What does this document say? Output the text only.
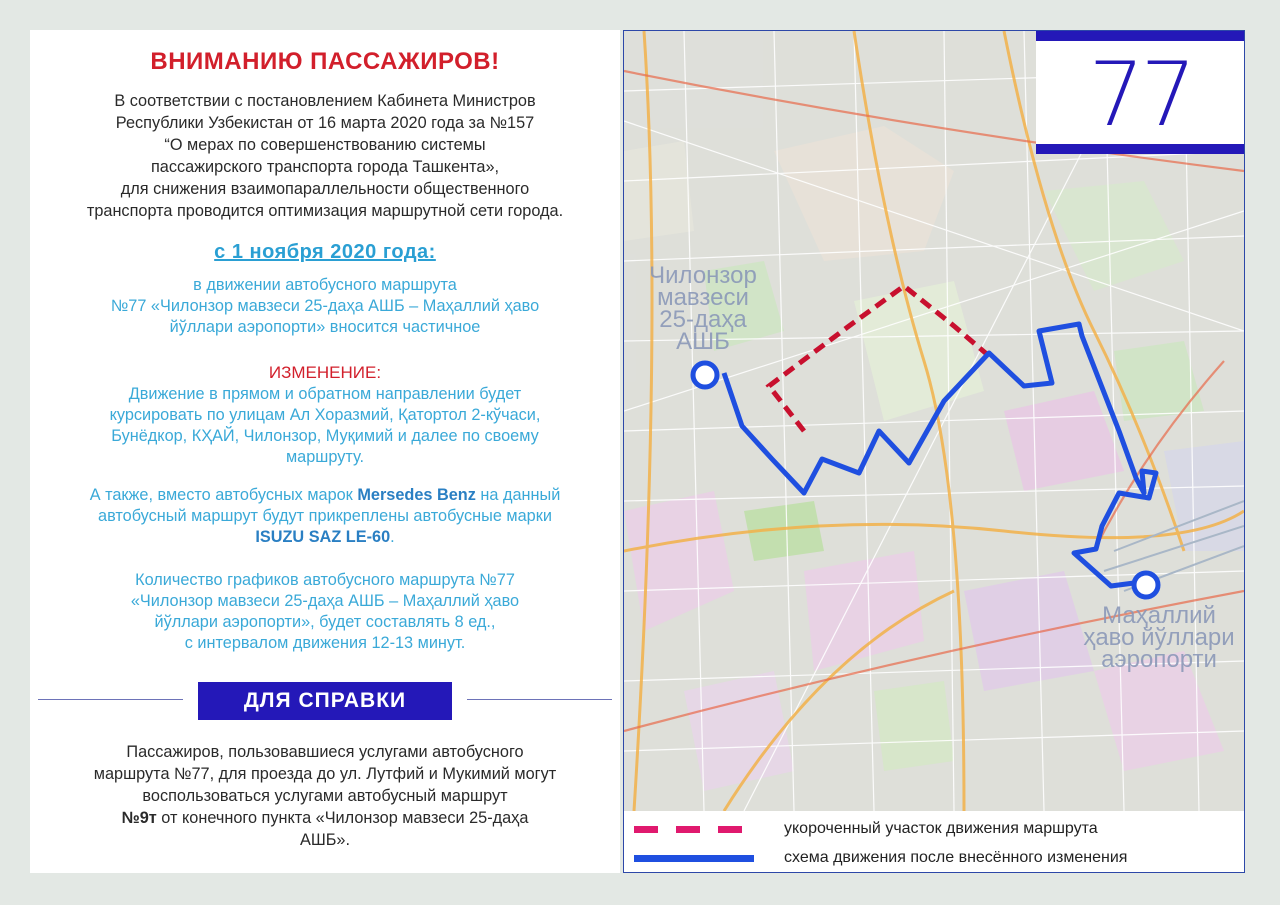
ВНИМАНИЮ ПАССАЖИРОВ!
В соответствии с постановлением Кабинета Министров
Республики Узбекистан от 16 марта 2020 года за №157
“О мерах по совершенствованию системы
пассажирского транспорта города Ташкента»,
для снижения взаимопараллельности общественного
транспорта проводится оптимизация маршрутной сети города.
с 1 ноября 2020 года:
в движении автобусного маршрута
№77 «Чилонзор мавзеси 25-даҳа АШБ – Маҳаллий ҳаво
йўллари аэропорти» вносится частичное
ИЗМЕНЕНИЕ:
Движение в прямом и обратном направлении будет
курсировать по улицам Ал Хоразмий, Қатортол 2-кўчаси,
Бунёдкор, КҲАЙ, Чилонзор, Муқимий и далее по своему
маршруту.
А также, вместо автобусных марок Mersedes Benz на данный
автобусный маршрут будут прикреплены автобусные марки
ISUZU SAZ LE-60.
Количество графиков автобусного маршрута №77
«Чилонзор мавзеси 25-даҳа АШБ – Маҳаллий ҳаво
йўллари аэропорти», будет составлять 8 ед.,
с интервалом движения 12-13 минут.
ДЛЯ СПРАВКИ
Пассажиров, пользовавшиеся услугами автобусного
маршрута №77, для проезда до ул. Лутфий и Мукимий могут
воспользоваться услугами автобусный маршрут
№9т от конечного пункта «Чилонзор мавзеси 25-даҳа
АШБ».
Чилонзор
мавзеси
25-даҳа
АШБ
Маҳаллий
ҳаво йўллари
аэропорти
77
укороченный участок движения маршрута
схема движения после внесённого изменения
